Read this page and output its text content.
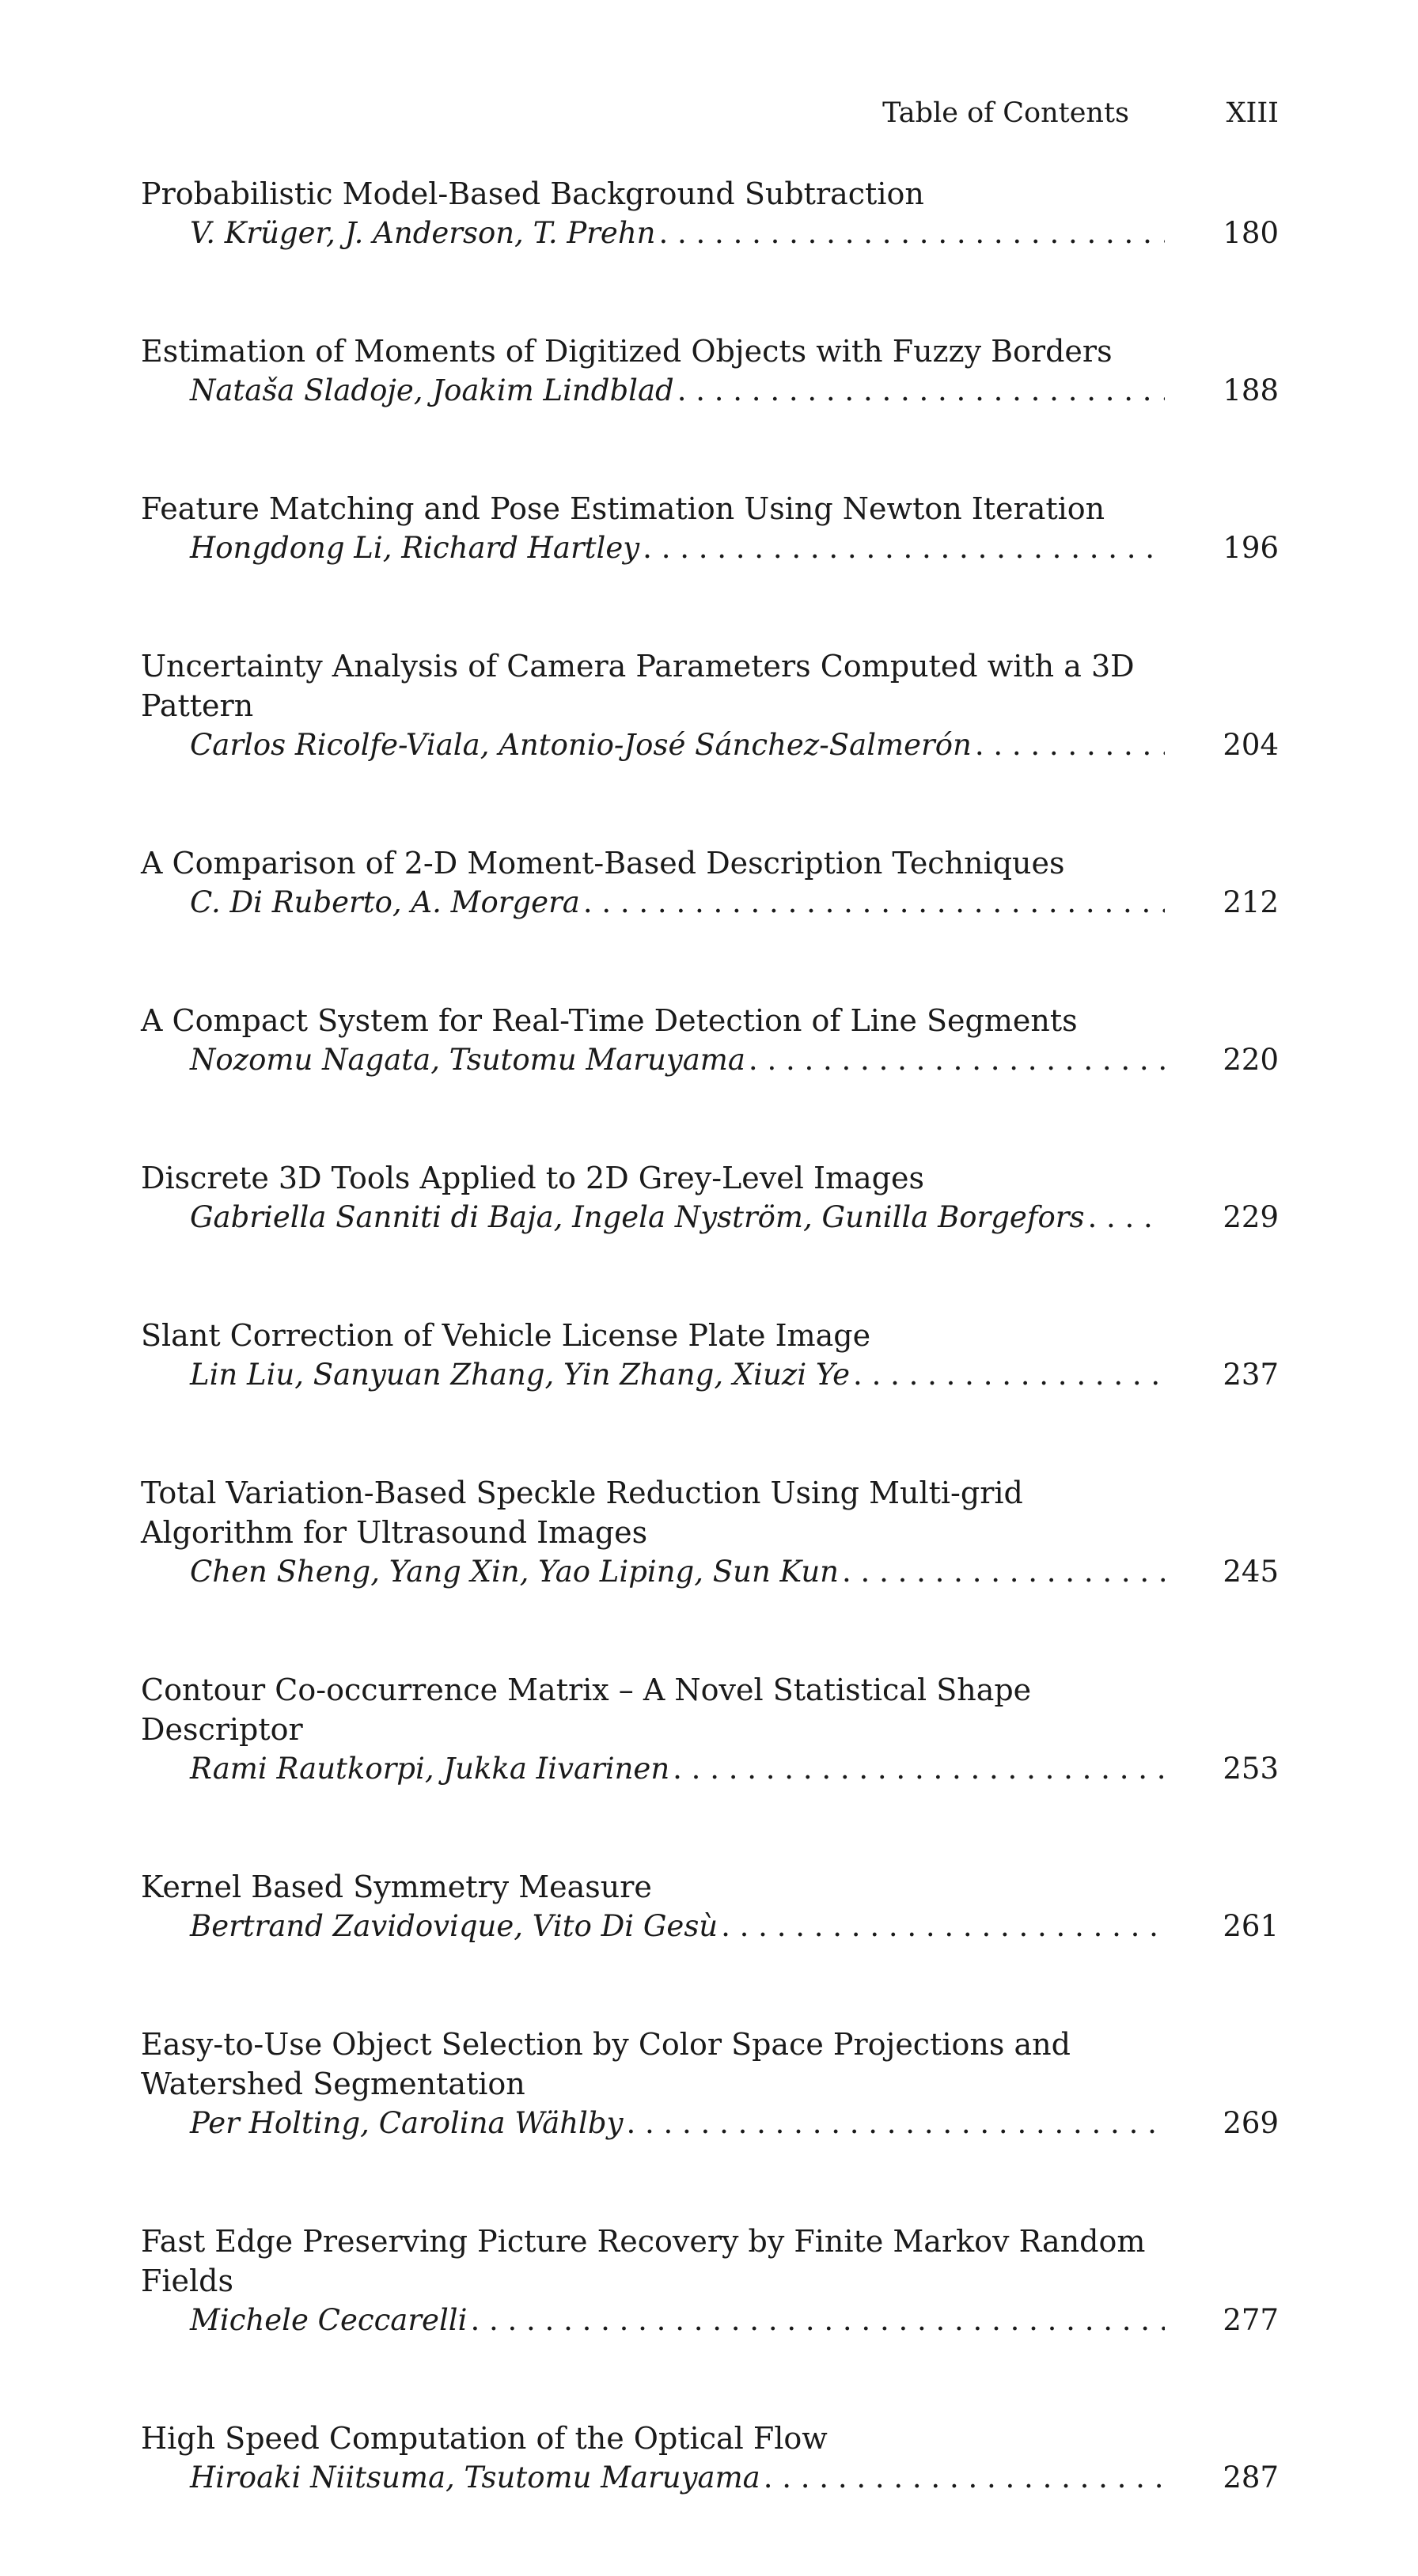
Table of Contents	XIII
Probabilistic Model-Based Background Subtraction
V. Krüger, J. Anderson, T. Prehn . . .	180
Estimation of Moments of Digitized Objects with Fuzzy Borders
Nataša Sladoje, Joakim Lindblad . . .	188
Feature Matching and Pose Estimation Using Newton Iteration
Hongdong Li, Richard Hartley . . .	196
Uncertainty Analysis of Camera Parameters Computed with a 3D Pattern
Carlos Ricolfe-Viala, Antonio-José Sánchez-Salmerón . . .	204
A Comparison of 2-D Moment-Based Description Techniques
C. Di Ruberto, A. Morgera . . .	212
A Compact System for Real-Time Detection of Line Segments
Nozomu Nagata, Tsutomu Maruyama . . .	220
Discrete 3D Tools Applied to 2D Grey-Level Images
Gabriella Sanniti di Baja, Ingela Nyström, Gunilla Borgefors . . .	229
Slant Correction of Vehicle License Plate Image
Lin Liu, Sanyuan Zhang, Yin Zhang, Xiuzi Ye . . .	237
Total Variation-Based Speckle Reduction Using Multi-grid Algorithm for Ultrasound Images
Chen Sheng, Yang Xin, Yao Liping, Sun Kun . . .	245
Contour Co-occurrence Matrix – A Novel Statistical Shape Descriptor
Rami Rautkorpi, Jukka Iivarinen . . .	253
Kernel Based Symmetry Measure
Bertrand Zavidovique, Vito Di Gesù . . .	261
Easy-to-Use Object Selection by Color Space Projections and Watershed Segmentation
Per Holting, Carolina Wählby . . .	269
Fast Edge Preserving Picture Recovery by Finite Markov Random Fields
Michele Ceccarelli . . .	277
High Speed Computation of the Optical Flow
Hiroaki Niitsuma, Tsutomu Maruyama . . .	287
